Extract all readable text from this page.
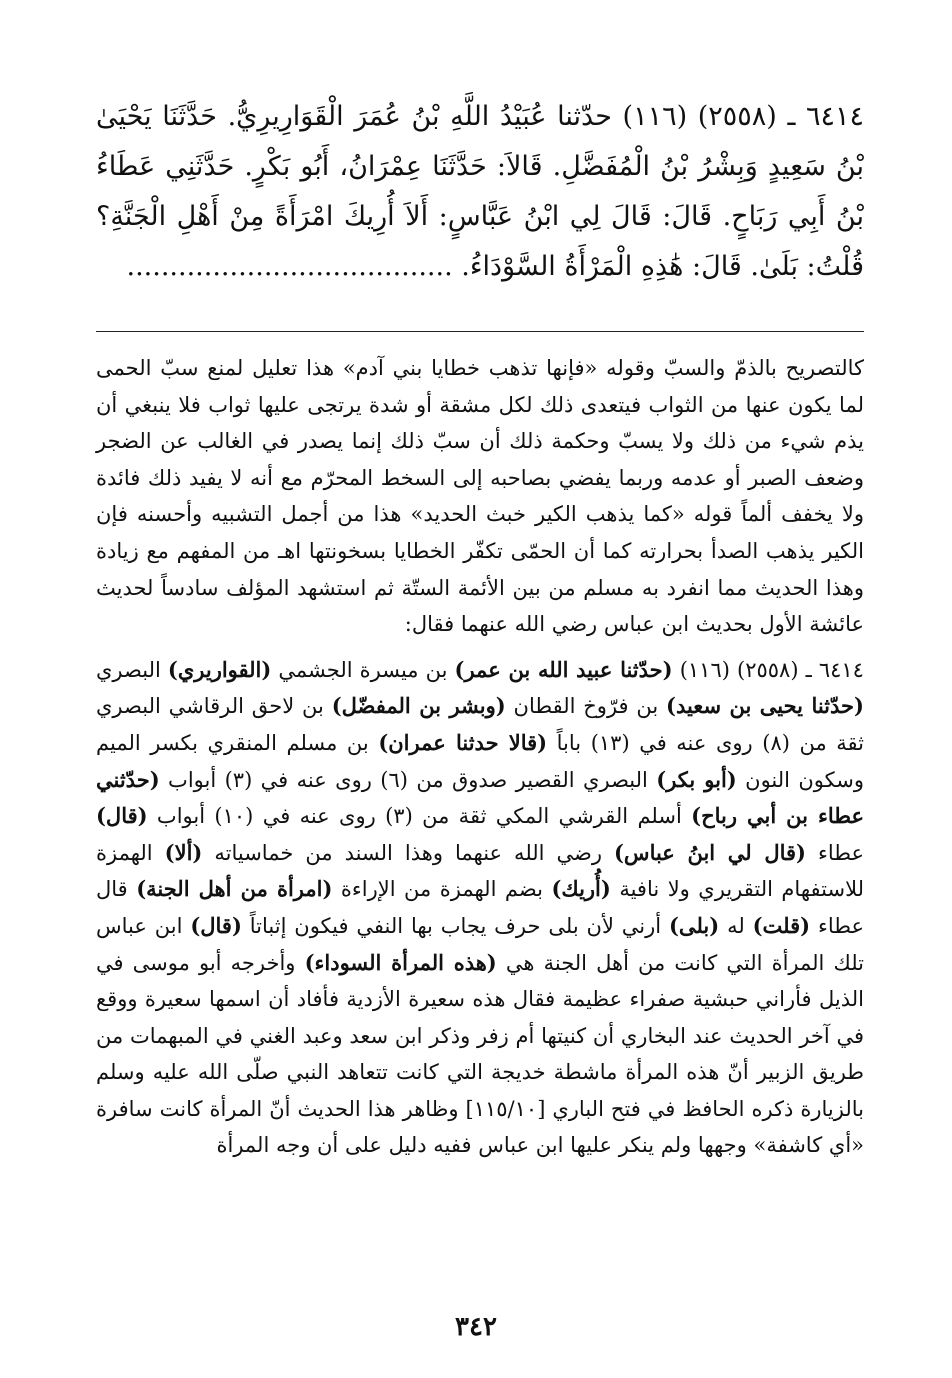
٦٤١٤ ـ (٢٥٥٨) (١١٦) حدّثنا عُبَيْدُ اللَّهِ بْنُ عُمَرَ الْقَوَارِيرِيُّ. حَدَّثَنَا يَحْيَىٰ بْنُ سَعِيدٍ وَبِشْرُ بْنُ الْمُفَضَّلِ. قَالاَ: حَدَّثَنَا عِمْرَانُ، أَبُو بَكْرٍ. حَدَّثَنِي عَطَاءُ بْنُ أَبِي رَبَاحٍ. قَالَ: قَالَ لِي ابْنُ عَبَّاسٍ: أَلاَ أُرِيكَ امْرَأَةً مِنْ أَهْلِ الْجَنَّةِ؟ قُلْتُ: بَلَىٰ. قَالَ: هَٰذِهِ الْمَرْأَةُ السَّوْدَاءُ. ......................................

كالتصريح بالذمّ والسبّ وقوله «فإنها تذهب خطايا بني آدم» هذا تعليل لمنع سبّ الحمى لما يكون عنها من الثواب فيتعدى ذلك لكل مشقة أو شدة يرتجى عليها ثواب فلا ينبغي أن يذم شيء من ذلك ولا يسبّ وحكمة ذلك أن سبّ ذلك إنما يصدر في الغالب عن الضجر وضعف الصبر أو عدمه وربما يفضي بصاحبه إلى السخط المحرّم مع أنه لا يفيد ذلك فائدة ولا يخفف ألماً قوله «كما يذهب الكير خبث الحديد» هذا من أجمل التشبيه وأحسنه فإن الكير يذهب الصدأ بحرارته كما أن الحمّى تكفّر الخطايا بسخونتها اهـ من المفهم مع زيادة وهذا الحديث مما انفرد به مسلم من بين الأئمة الستّة ثم استشهد المؤلف سادساً لحديث عائشة الأول بحديث ابن عباس رضي الله عنهما فقال:

٦٤١٤ ـ (٢٥٥٨) (١١٦) (حدّثنا عبيد الله بن عمر) بن ميسرة الجشمي (القواريري) البصري (حدّثنا يحيى بن سعيد) بن فرّوخ القطان (وبشر بن المفضّل) بن لاحق الرقاشي البصري ثقة من (٨) روى عنه في (١٣) باباً (قالا حدثنا عمران) بن مسلم المنقري بكسر الميم وسكون النون (أبو بكر) البصري القصير صدوق من (٦) روى عنه في (٣) أبواب (حدّثني عطاء بن أبي رباح) أسلم القرشي المكي ثقة من (٣) روى عنه في (١٠) أبواب (قال) عطاء (قال لي ابنُ عباس) رضي الله عنهما وهذا السند من خماسياته (ألا) الهمزة للاستفهام التقريري ولا نافية (أُريك) بضم الهمزة من الإراءة (امرأة من أهل الجنة) قال عطاء (قلت) له (بلى) أرني لأن بلى حرف يجاب بها النفي فيكون إثباتاً (قال) ابن عباس تلك المرأة التي كانت من أهل الجنة هي (هذه المرأة السوداء) وأخرجه أبو موسى في الذيل فأراني حبشية صفراء عظيمة فقال هذه سعيرة الأزدية فأفاد أن اسمها سعيرة ووقع في آخر الحديث عند البخاري أن كنيتها أم زفر وذكر ابن سعد وعبد الغني في المبهمات من طريق الزبير أنّ هذه المرأة ماشطة خديجة التي كانت تتعاهد النبي صلّى الله عليه وسلم بالزيارة ذكره الحافظ في فتح الباري [١١٥/١٠] وظاهر هذا الحديث أنّ المرأة كانت سافرة «أي كاشفة» وجهها ولم ينكر عليها ابن عباس ففيه دليل على أن وجه المرأة

٣٤٢
